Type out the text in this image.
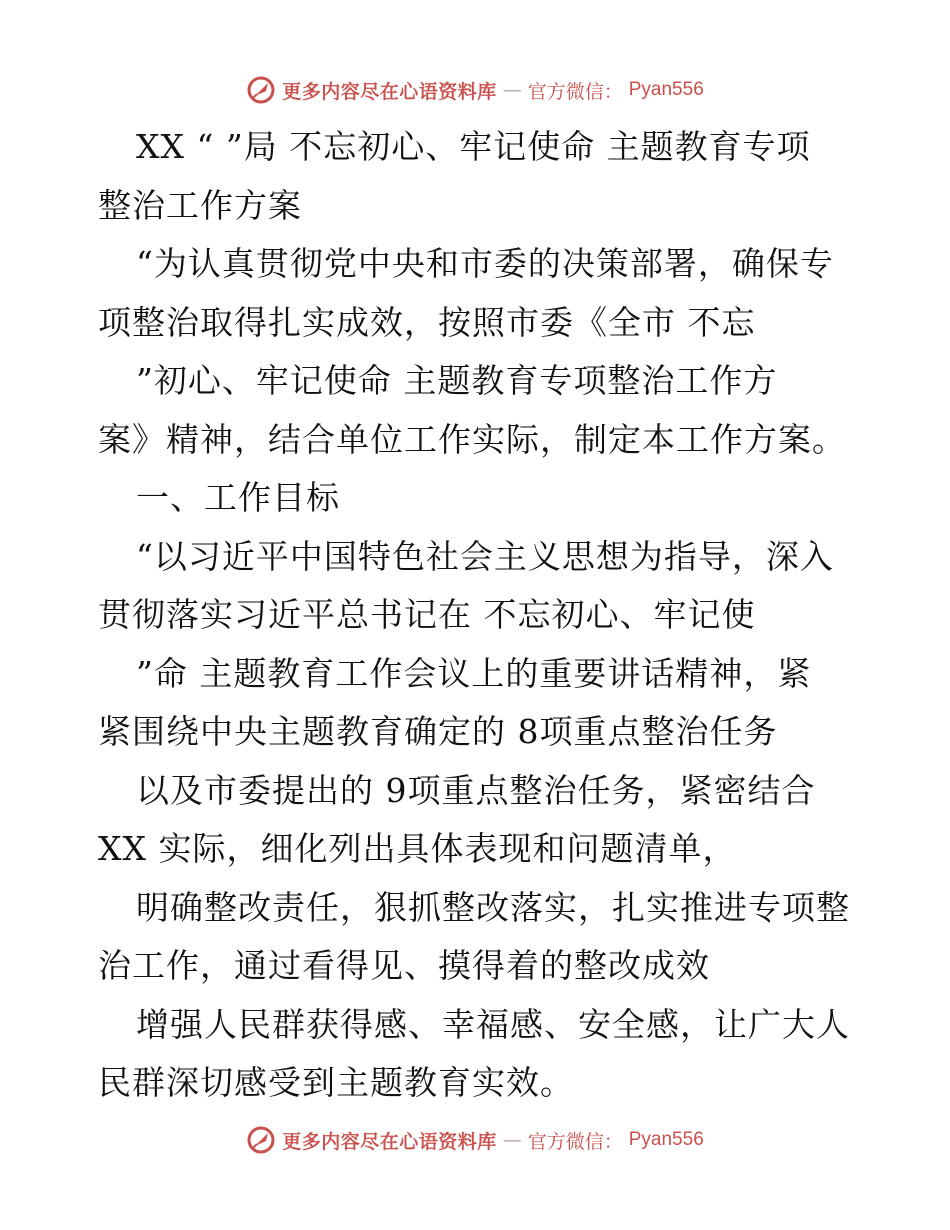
更多内容尽在心语资料库 — 官方微信： Pyan556
XX “ ”局 不忘初心、牢记使命 主题教育专项
整治工作方案
“为认真贯彻党中央和市委的决策部署，确保专
项整治取得扎实成效，按照市委《全市 不忘
”初心、牢记使命 主题教育专项整治工作方
案》精神，结合单位工作实际，制定本工作方案。
一、工作目标
“以习近平中国特色社会主义思想为指导，深入
贯彻落实习近平总书记在 不忘初心、牢记使
”命 主题教育工作会议上的重要讲话精神，紧
紧围绕中央主题教育确定的 8项重点整治任务
以及市委提出的 9项重点整治任务，紧密结合
XX 实际，细化列出具体表现和问题清单，
明确整改责任，狠抓整改落实，扎实推进专项整
治工作，通过看得见、摸得着的整改成效
增强人民群获得感、幸福感、安全感，让广大人
民群深切感受到主题教育实效。
更多内容尽在心语资料库 — 官方微信： Pyan556
